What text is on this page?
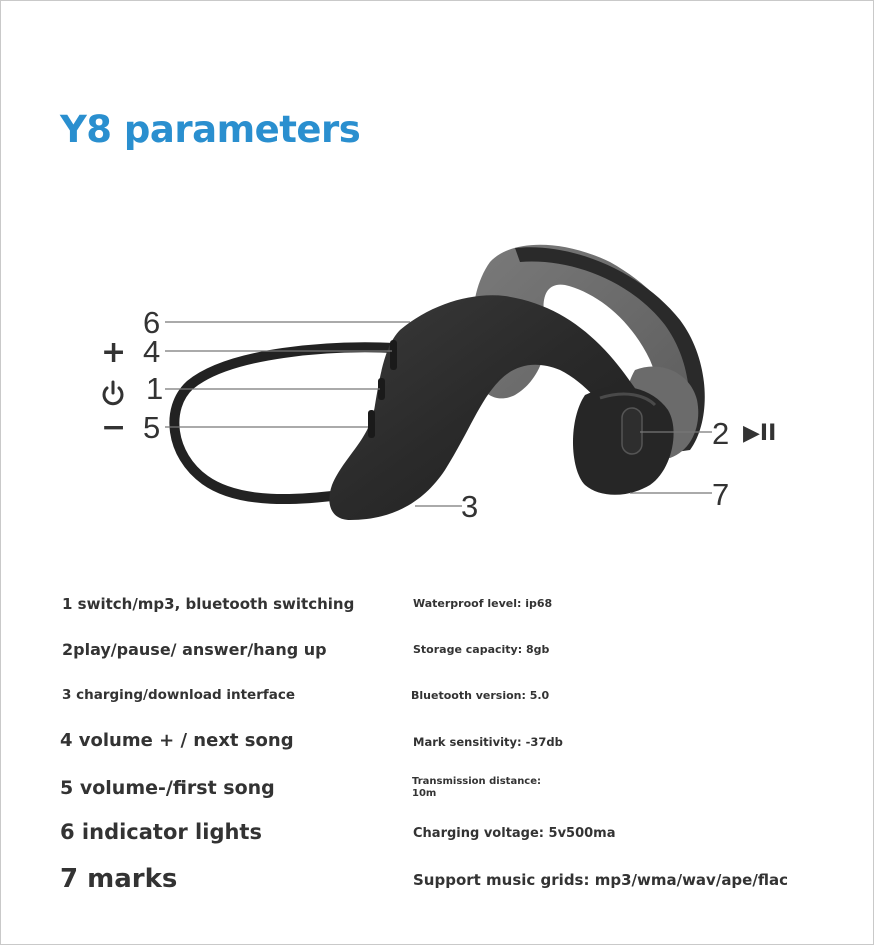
Y8 parameters
6
4
1
5
3
2
7
+
−	▶II
1 switch/mp3, bluetooth switching
2play/pause/ answer/hang up
3 charging/download interface
4 volume + / next song
5 volume-/first song
6 indicator lights
7 marks
Waterproof level: ip68
Storage capacity: 8gb
Bluetooth version: 5.0
Mark sensitivity: -37db
Transmission distance:
10m
Charging voltage: 5v500ma
Support music grids: mp3/wma/wav/ape/flac
